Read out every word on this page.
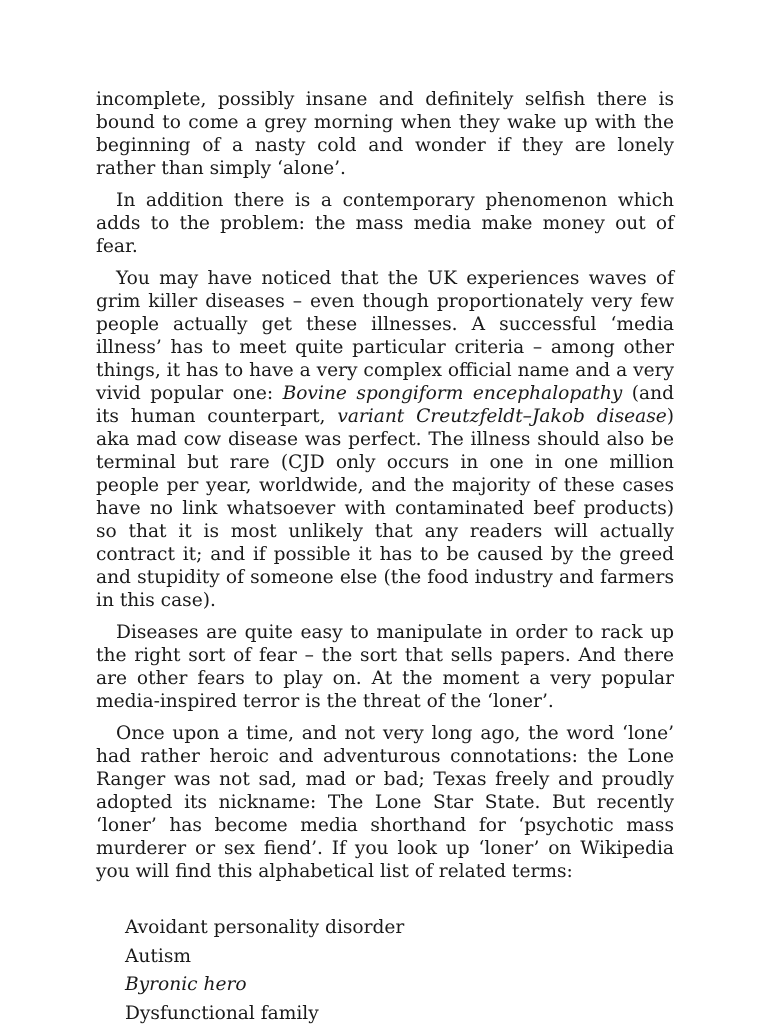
incomplete, possibly insane and definitely selfish there is bound to come a grey morning when they wake up with the beginning of a nasty cold and wonder if they are lonely rather than simply ‘alone’.

In addition there is a contemporary phenomenon which adds to the problem: the mass media make money out of fear.

You may have noticed that the UK experiences waves of grim killer diseases – even though proportionately very few people actually get these illnesses. A successful ‘media illness’ has to meet quite particular criteria – among other things, it has to have a very complex official name and a very vivid popular one: Bovine spongiform encephalopathy (and its human counterpart, variant Creutzfeldt–Jakob disease) aka mad cow disease was perfect. The illness should also be terminal but rare (CJD only occurs in one in one million people per year, worldwide, and the majority of these cases have no link whatsoever with contaminated beef products) so that it is most unlikely that any readers will actually contract it; and if possible it has to be caused by the greed and stupidity of someone else (the food industry and farmers in this case).

Diseases are quite easy to manipulate in order to rack up the right sort of fear – the sort that sells papers. And there are other fears to play on. At the moment a very popular media-inspired terror is the threat of the ‘loner’.

Once upon a time, and not very long ago, the word ‘lone’ had rather heroic and adventurous connotations: the Lone Ranger was not sad, mad or bad; Texas freely and proudly adopted its nickname: The Lone Star State. But recently ‘loner’ has become media shorthand for ‘psychotic mass murderer or sex fiend’. If you look up ‘loner’ on Wikipedia you will find this alphabetical list of related terms:

Avoidant personality disorder
Autism
Byronic hero
Dysfunctional family
